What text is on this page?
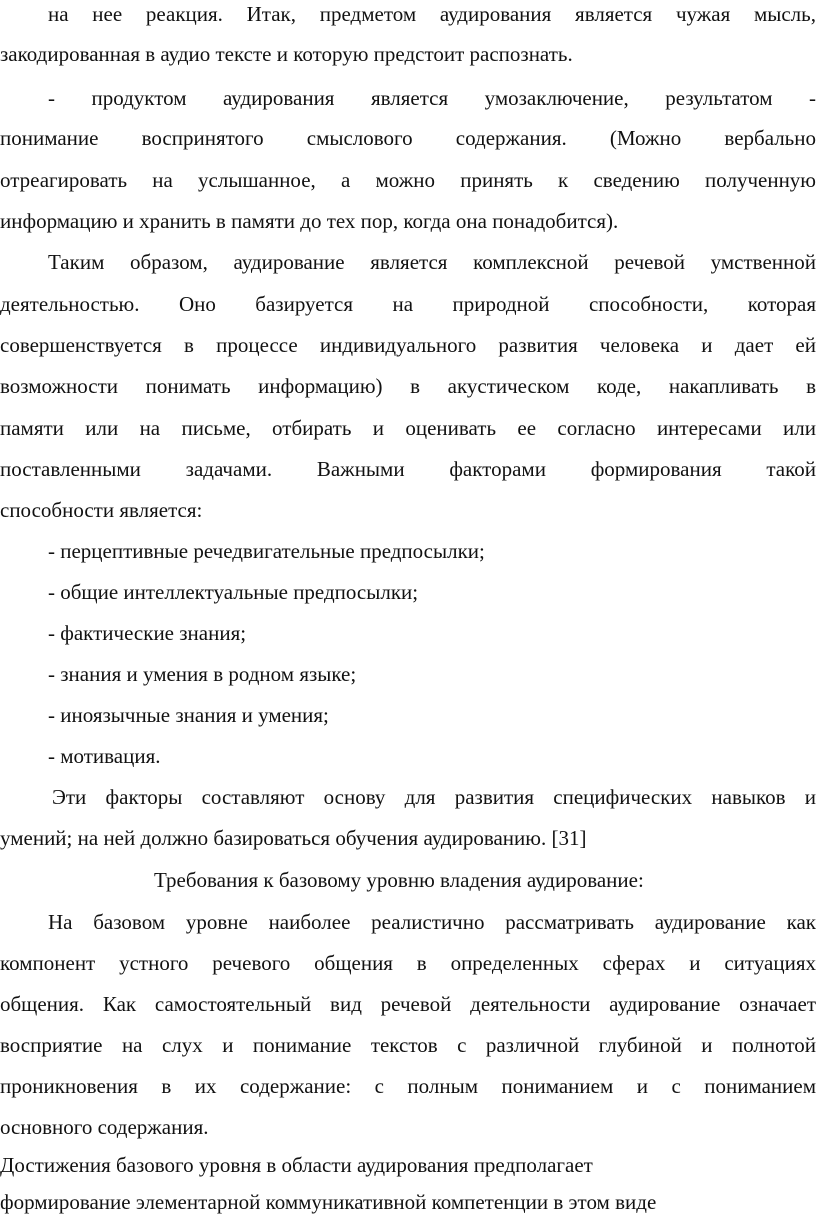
на нее реакция. Итак, предметом аудирования является чужая мысль,
закодированная в аудио тексте и которую предстоит распознать.
- продуктом аудирования является умозаключение, результатом -
понимание воспринятого смыслового содержания. (Можно вербально
отреагировать на услышанное, а можно принять к сведению полученную
информацию и хранить в памяти до тех пор, когда она понадобится).
Таким образом, аудирование является комплексной речевой умственной
деятельностью. Оно базируется на природной способности, которая
совершенствуется в процессе индивидуального развития человека и дает ей
возможности понимать информацию) в акустическом коде, накапливать в
памяти или на письме, отбирать и оценивать ее согласно интересами или
поставленными задачами. Важными факторами формирования такой
способности является:
- перцептивные речедвигательные предпосылки;
- общие интеллектуальные предпосылки;
- фактические знания;
- знания и умения в родном языке;
- иноязычные знания и умения;
- мотивация.
Эти факторы составляют основу для развития специфических навыков и
умений; на ней должно базироваться обучения аудированию. [31]
Требования к базовому уровню владения аудирование:
На базовом уровне наиболее реалистично рассматривать аудирование как
компонент устного речевого общения в определенных сферах и ситуациях
общения. Как самостоятельный вид речевой деятельности аудирование означает
восприятие на слух и понимание текстов с различной глубиной и полнотой
проникновения в их содержание: с полным пониманием и с пониманием
основного содержания.
Достижения базового уровня в области аудирования предполагает
формирование элементарной коммуникативной компетенции в этом виде
